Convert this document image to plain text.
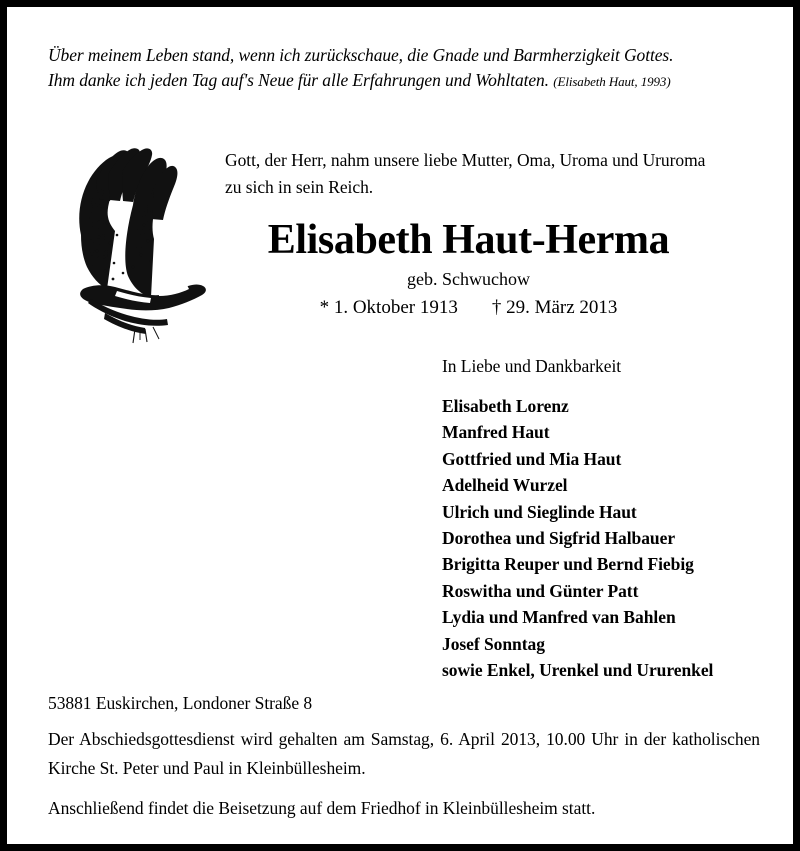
Über meinem Leben stand, wenn ich zurückschaue, die Gnade und Barmherzigkeit Gottes.
Ihm danke ich jeden Tag auf's Neue für alle Erfahrungen und Wohltaten. (Elisabeth Haut, 1993)
Gott, der Herr, nahm unsere liebe Mutter, Oma, Uroma und Ururoma
zu sich in sein Reich.
Elisabeth Haut-Herma
geb. Schwuchow
* 1. Oktober 1913 † 29. März 2013
In Liebe und Dankbarkeit
Elisabeth Lorenz
Manfred Haut
Gottfried und Mia Haut
Adelheid Wurzel
Ulrich und Sieglinde Haut
Dorothea und Sigfrid Halbauer
Brigitta Reuper und Bernd Fiebig
Roswitha und Günter Patt
Lydia und Manfred van Bahlen
Josef Sonntag
sowie Enkel, Urenkel und Ururenkel
53881 Euskirchen, Londoner Straße 8
Der Abschiedsgottesdienst wird gehalten am Samstag, 6. April 2013, 10.00 Uhr in der katholischen Kirche St. Peter und Paul in Kleinbüllesheim.
Anschließend findet die Beisetzung auf dem Friedhof in Kleinbüllesheim statt.
